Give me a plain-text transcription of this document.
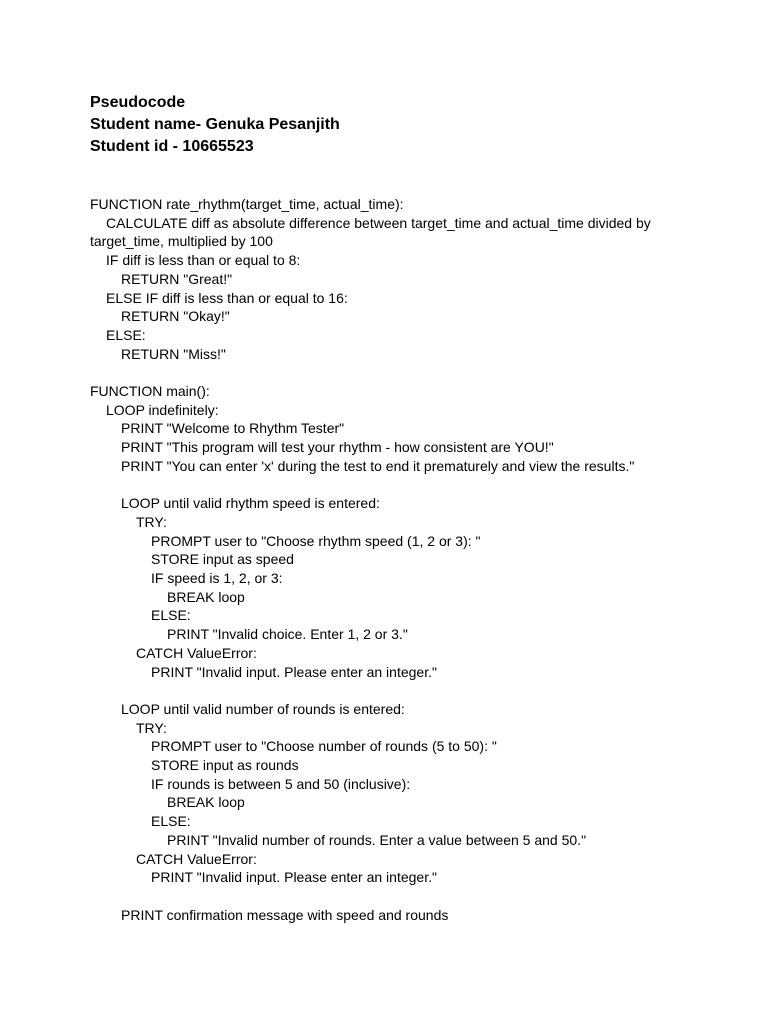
Pseudocode
Student name- Genuka Pesanjith
Student id - 10665523
FUNCTION rate_rhythm(target_time, actual_time):
CALCULATE diff as absolute difference between target_time and actual_time divided by target_time, multiplied by 100
IF diff is less than or equal to 8:
RETURN "Great!"
ELSE IF diff is less than or equal to 16:
RETURN "Okay!"
ELSE:
RETURN "Miss!"
FUNCTION main():
LOOP indefinitely:
PRINT "Welcome to Rhythm Tester"
PRINT "This program will test your rhythm - how consistent are YOU!"
PRINT "You can enter 'x' during the test to end it prematurely and view the results."
LOOP until valid rhythm speed is entered:
TRY:
PROMPT user to "Choose rhythm speed (1, 2 or 3): "
STORE input as speed
IF speed is 1, 2, or 3:
BREAK loop
ELSE:
PRINT "Invalid choice. Enter 1, 2 or 3."
CATCH ValueError:
PRINT "Invalid input. Please enter an integer."
LOOP until valid number of rounds is entered:
TRY:
PROMPT user to "Choose number of rounds (5 to 50): "
STORE input as rounds
IF rounds is between 5 and 50 (inclusive):
BREAK loop
ELSE:
PRINT "Invalid number of rounds. Enter a value between 5 and 50."
CATCH ValueError:
PRINT "Invalid input. Please enter an integer."
PRINT confirmation message with speed and rounds
